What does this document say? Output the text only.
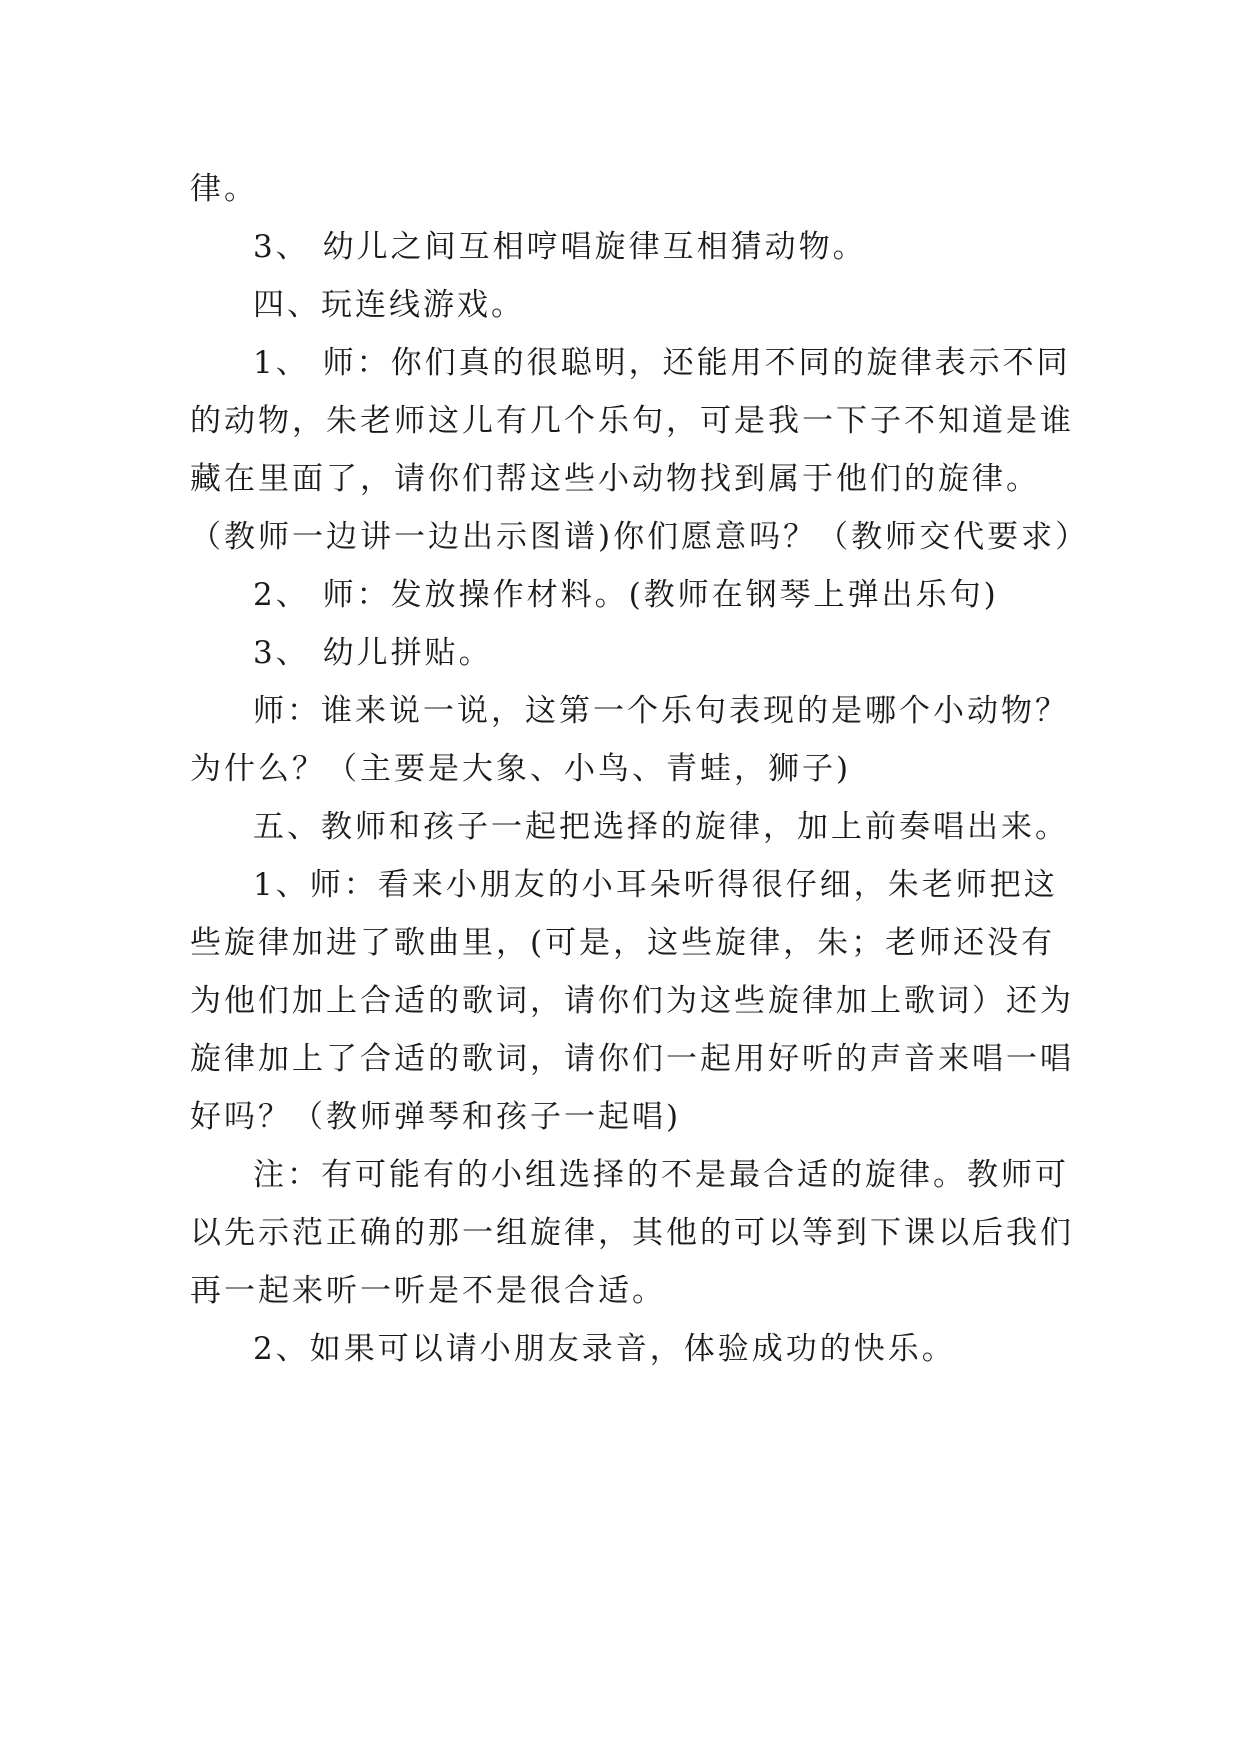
律。
3、 幼儿之间互相哼唱旋律互相猜动物。
四、玩连线游戏。
1、 师：你们真的很聪明，还能用不同的旋律表示不同
的动物，朱老师这儿有几个乐句，可是我一下子不知道是谁
藏在里面了，请你们帮这些小动物找到属于他们的旋律。
（教师一边讲一边出示图谱)你们愿意吗？（教师交代要求）
2、 师：发放操作材料。(教师在钢琴上弹出乐句)
3、 幼儿拼贴。
师：谁来说一说，这第一个乐句表现的是哪个小动物？
为什么？（主要是大象、小鸟、青蛙，狮子)
五、教师和孩子一起把选择的旋律，加上前奏唱出来。
1、师：看来小朋友的小耳朵听得很仔细，朱老师把这
些旋律加进了歌曲里，(可是，这些旋律，朱；老师还没有
为他们加上合适的歌词，请你们为这些旋律加上歌词）还为
旋律加上了合适的歌词，请你们一起用好听的声音来唱一唱
好吗？（教师弹琴和孩子一起唱)
注：有可能有的小组选择的不是最合适的旋律。教师可
以先示范正确的那一组旋律，其他的可以等到下课以后我们
再一起来听一听是不是很合适。
2、如果可以请小朋友录音，体验成功的快乐。
